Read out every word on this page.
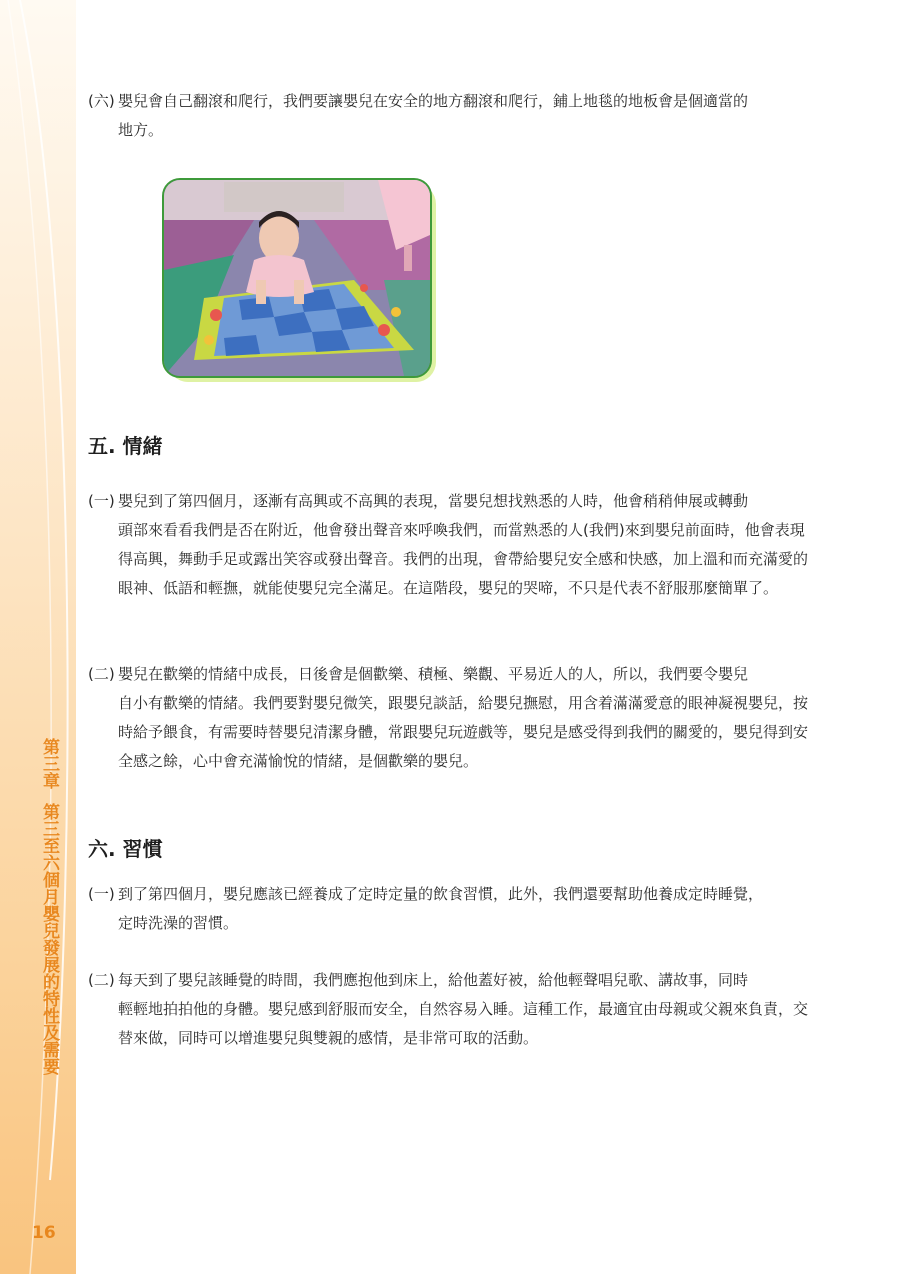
第三章第三至六個月嬰兒發展的特性及需要
16
(六) 嬰兒會自己翻滾和爬行，我們要讓嬰兒在安全的地方翻滾和爬行，鋪上地毯的地板會是個適當的
地方。
五. 情緒
(一) 嬰兒到了第四個月，逐漸有高興或不高興的表現，當嬰兒想找熟悉的人時，他會稍稍伸展或轉動
頭部來看看我們是否在附近，他會發出聲音來呼喚我們，而當熟悉的人(我們)來到嬰兒前面時，他會表現得高興，舞動手足或露出笑容或發出聲音。我們的出現，會帶給嬰兒安全感和快感，加上溫和而充滿愛的眼神、低語和輕撫，就能使嬰兒完全滿足。在這階段，嬰兒的哭啼，不只是代表不舒服那麼簡單了。
(二) 嬰兒在歡樂的情緒中成長，日後會是個歡樂、積極、樂觀、平易近人的人，所以，我們要令嬰兒
自小有歡樂的情緒。我們要對嬰兒微笑，跟嬰兒談話，給嬰兒撫慰，用含着滿滿愛意的眼神凝視嬰兒，按時給予餵食，有需要時替嬰兒清潔身體，常跟嬰兒玩遊戲等，嬰兒是感受得到我們的關愛的，嬰兒得到安全感之餘，心中會充滿愉悅的情緒，是個歡樂的嬰兒。
六. 習慣
(一) 到了第四個月，嬰兒應該已經養成了定時定量的飲食習慣，此外，我們還要幫助他養成定時睡覺，
定時洗澡的習慣。
(二) 每天到了嬰兒該睡覺的時間，我們應抱他到床上，給他蓋好被，給他輕聲唱兒歌、講故事，同時
輕輕地拍拍他的身體。嬰兒感到舒服而安全，自然容易入睡。這種工作，最適宜由母親或父親來負責，交替來做，同時可以增進嬰兒與雙親的感情，是非常可取的活動。
